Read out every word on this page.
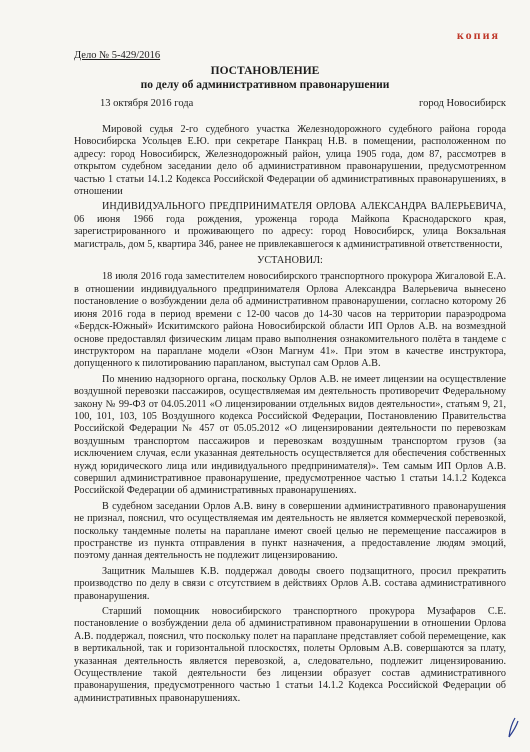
копия
Дело № 5-429/2016
ПОСТАНОВЛЕНИЕ
по делу об административном правонарушении
13 октября 2016 года	город Новосибирск

Мировой судья 2-го судебного участка Железнодорожного судебного района города Новосибирска Усольцев Е.Ю. при секретаре Панкрац Н.В. в помещении, расположенном по адресу: город Новосибирск, Железнодорожный район, улица 1905 года, дом 87, рассмотрев в открытом судебном заседании дело об административном правонарушении, предусмотренном частью 1 статьи 14.1.2 Кодекса Российской Федерации об административных правонарушениях, в отношении

ИНДИВИДУАЛЬНОГО ПРЕДПРИНИМАТЕЛЯ ОРЛОВА АЛЕКСАНДРА ВАЛЕРЬЕВИЧА, 06 июня 1966 года рождения, уроженца города Майкопа Краснодарского края, зарегистрированного и проживающего по адресу: город Новосибирск, улица Вокзальная магистраль, дом 5, квартира 346, ранее не привлекавшегося к административной ответственности,

УСТАНОВИЛ:

18 июля 2016 года заместителем новосибирского транспортного прокурора Жигаловой Е.А. в отношении индивидуального предпринимателя Орлова Александра Валерьевича вынесено постановление о возбуждении дела об административном правонарушении, согласно которому 26 июня 2016 года в период времени с 12-00 часов до 14-30 часов на территории параэродрома «Бердск-Южный» Искитимского района Новосибирской области ИП Орлов А.В. на возмездной основе предоставлял физическим лицам право выполнения ознакомительного полёта в тандеме с инструктором на параплане модели «Озон Магнум 41». При этом в качестве инструктора, допущенного к пилотированию парапланом, выступал сам Орлов А.В.

По мнению надзорного органа, поскольку Орлов А.В. не имеет лицензии на осуществление воздушной перевозки пассажиров, осуществляемая им деятельность противоречит Федеральному закону № 99-ФЗ от 04.05.2011 «О лицензировании отдельных видов деятельности», статьям 9, 21, 100, 101, 103, 105 Воздушного кодекса Российской Федерации, Постановлению Правительства Российской Федерации № 457 от 05.05.2012 «О лицензировании деятельности по перевозкам воздушным транспортом пассажиров и перевозкам воздушным транспортом грузов (за исключением случая, если указанная деятельность осуществляется для обеспечения собственных нужд юридического лица или индивидуального предпринимателя)». Тем самым ИП Орлов А.В. совершил административное правонарушение, предусмотренное частью 1 статьи 14.1.2 Кодекса Российской Федерации об административных правонарушениях.

В судебном заседании Орлов А.В. вину в совершении административного правонарушения не признал, пояснил, что осуществляемая им деятельность не является коммерческой перевозкой, поскольку тандемные полеты на параплане имеют своей целью не перемещение пассажиров в пространстве из пункта отправления в пункт назначения, а предоставление людям эмоций, поэтому данная деятельность не подлежит лицензированию.

Защитник Малышев К.В. поддержал доводы своего подзащитного, просил прекратить производство по делу в связи с отсутствием в действиях Орлов А.В. состава административного правонарушения.

Старший помощник новосибирского транспортного прокурора Музафаров С.Е. постановление о возбуждении дела об административном правонарушении в отношении Орлова А.В. поддержал, пояснил, что поскольку полет на параплане представляет собой перемещение, как в вертикальной, так и горизонтальной плоскостях, полеты Орловым А.В. совершаются за плату, указанная деятельность является перевозкой, а, следовательно, подлежит лицензированию. Осуществление такой деятельности без лицензии образует состав административного правонарушения, предусмотренного частью 1 статьи 14.1.2 Кодекса Российской Федерации об административных правонарушениях.
